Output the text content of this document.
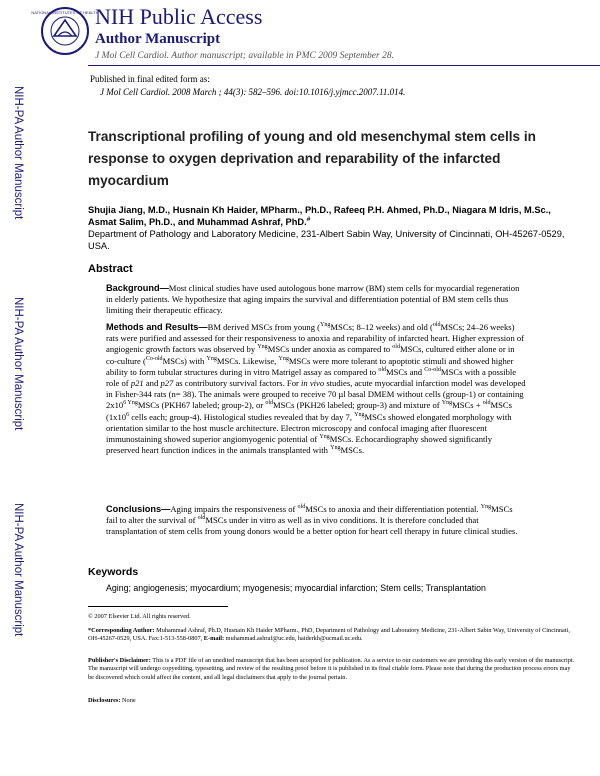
NATIONAL INSTITUTES OF HEALTH
NIH Public Access
Author Manuscript
J Mol Cell Cardiol. Author manuscript; available in PMC 2009 September 28.
NIH-PA Author Manuscript
NIH-PA Author Manuscript
NIH-PA Author Manuscript
Published in final edited form as:
J Mol Cell Cardiol. 2008 March ; 44(3): 582–596. doi:10.1016/j.yjmcc.2007.11.014.
Transcriptional profiling of young and old mesenchymal stem cells in response to oxygen deprivation and reparability of the infarcted myocardium
Shujia Jiang, M.D., Husnain Kh Haider, MPharm., Ph.D., Rafeeq P.H. Ahmed, Ph.D., Niagara M Idris, M.Sc., Asmat Salim, Ph.D., and Muhammad Ashraf, PhD.#
Department of Pathology and Laboratory Medicine, 231-Albert Sabin Way, University of Cincinnati, OH-45267-0529, USA.
Abstract
Background—Most clinical studies have used autologous bone marrow (BM) stem cells for myocardial regeneration in elderly patients. We hypothesize that aging impairs the survival and differentiation potential of BM stem cells thus limiting their therapeutic efficacy.
Methods and Results—BM derived MSCs from young ($^{Yng}$MSCs; 8–12 weeks) and old ($^{old}$MSCs; 24–26 weeks) rats were purified and assessed for their responsiveness to anoxia and reparability of infarcted heart. Higher expression of angiogenic growth factors was observed by $^{Yng}$MSCs under anoxia as compared to $^{old}$MSCs, cultured either alone or in co-culture ($^{Co-old}$MSCs) with $^{Yng}$MSCs. Likewise, $^{Yng}$MSCs were more tolerant to apoptotic stimuli and showed higher ability to form tubular structures during in vitro Matrigel assay as compared to $^{old}$MSCs and $^{Co-old}$MSCs with a possible role of p21 and p27 as contributory survival factors. For in vivo studies, acute myocardial infarction model was developed in Fisher-344 rats (n= 38). The animals were grouped to receive 70 µl basal DMEM without cells (group-1) or containing $2x10^{6 Yng}MSCs$ (PKH67 labeled; group-2), or $^{old}$MSCs (PKH26 labeled; group-3) and mixture of $^{Yng}$MSCs + $^{old}$MSCs ($1x10^6$ cells each; group-4). Histological studies revealed that by day 7, $^{Yng}$MSCs showed elongated morphology with orientation similar to the host muscle architecture. Electron microscopy and confocal imaging after fluorescent immunostaining showed superior angiomyogenic potential of $^{Yng}$MSCs. Echocardiography showed significantly preserved heart function indices in the animals transplanted with $^{Yng}$MSCs.
Conclusions—Aging impairs the responsiveness of $^{old}$MSCs to anoxia and their differentiation potential. $^{Yng}$MSCs fail to alter the survival of $^{old}$MSCs under in vitro as well as in vivo conditions. It is therefore concluded that transplantation of stem cells from young donors would be a better option for heart cell therapy in future clinical studies.
Keywords
Aging; angiogenesis; myocardium; myogenesis; myocardial infarction; Stem cells; Transplantation
© 2007 Elsevier Ltd. All rights reserved.
*Corresponding Author: Muhammad Ashraf, Ph.D, Husnain Kh Haider MPharm., PhD, Department of Pathology and Laboratory Medicine, 231-Albert Sabin Way, University of Cincinnati, OH-45267-0529, USA. Fax:1-513-558-0807, E-mail: muhammad.ashraf@uc.edu, haiderkh@ucmail.uc.edu.
Publisher's Disclaimer: This is a PDF file of an unedited manuscript that has been accepted for publication. As a service to our customers we are providing this early version of the manuscript. The manuscript will undergo copyediting, typesetting, and review of the resulting proof before it is published in its final citable form. Please note that during the production process errors may be discovered which could affect the content, and all legal disclaimers that apply to the journal pertain.
Disclosures: None
